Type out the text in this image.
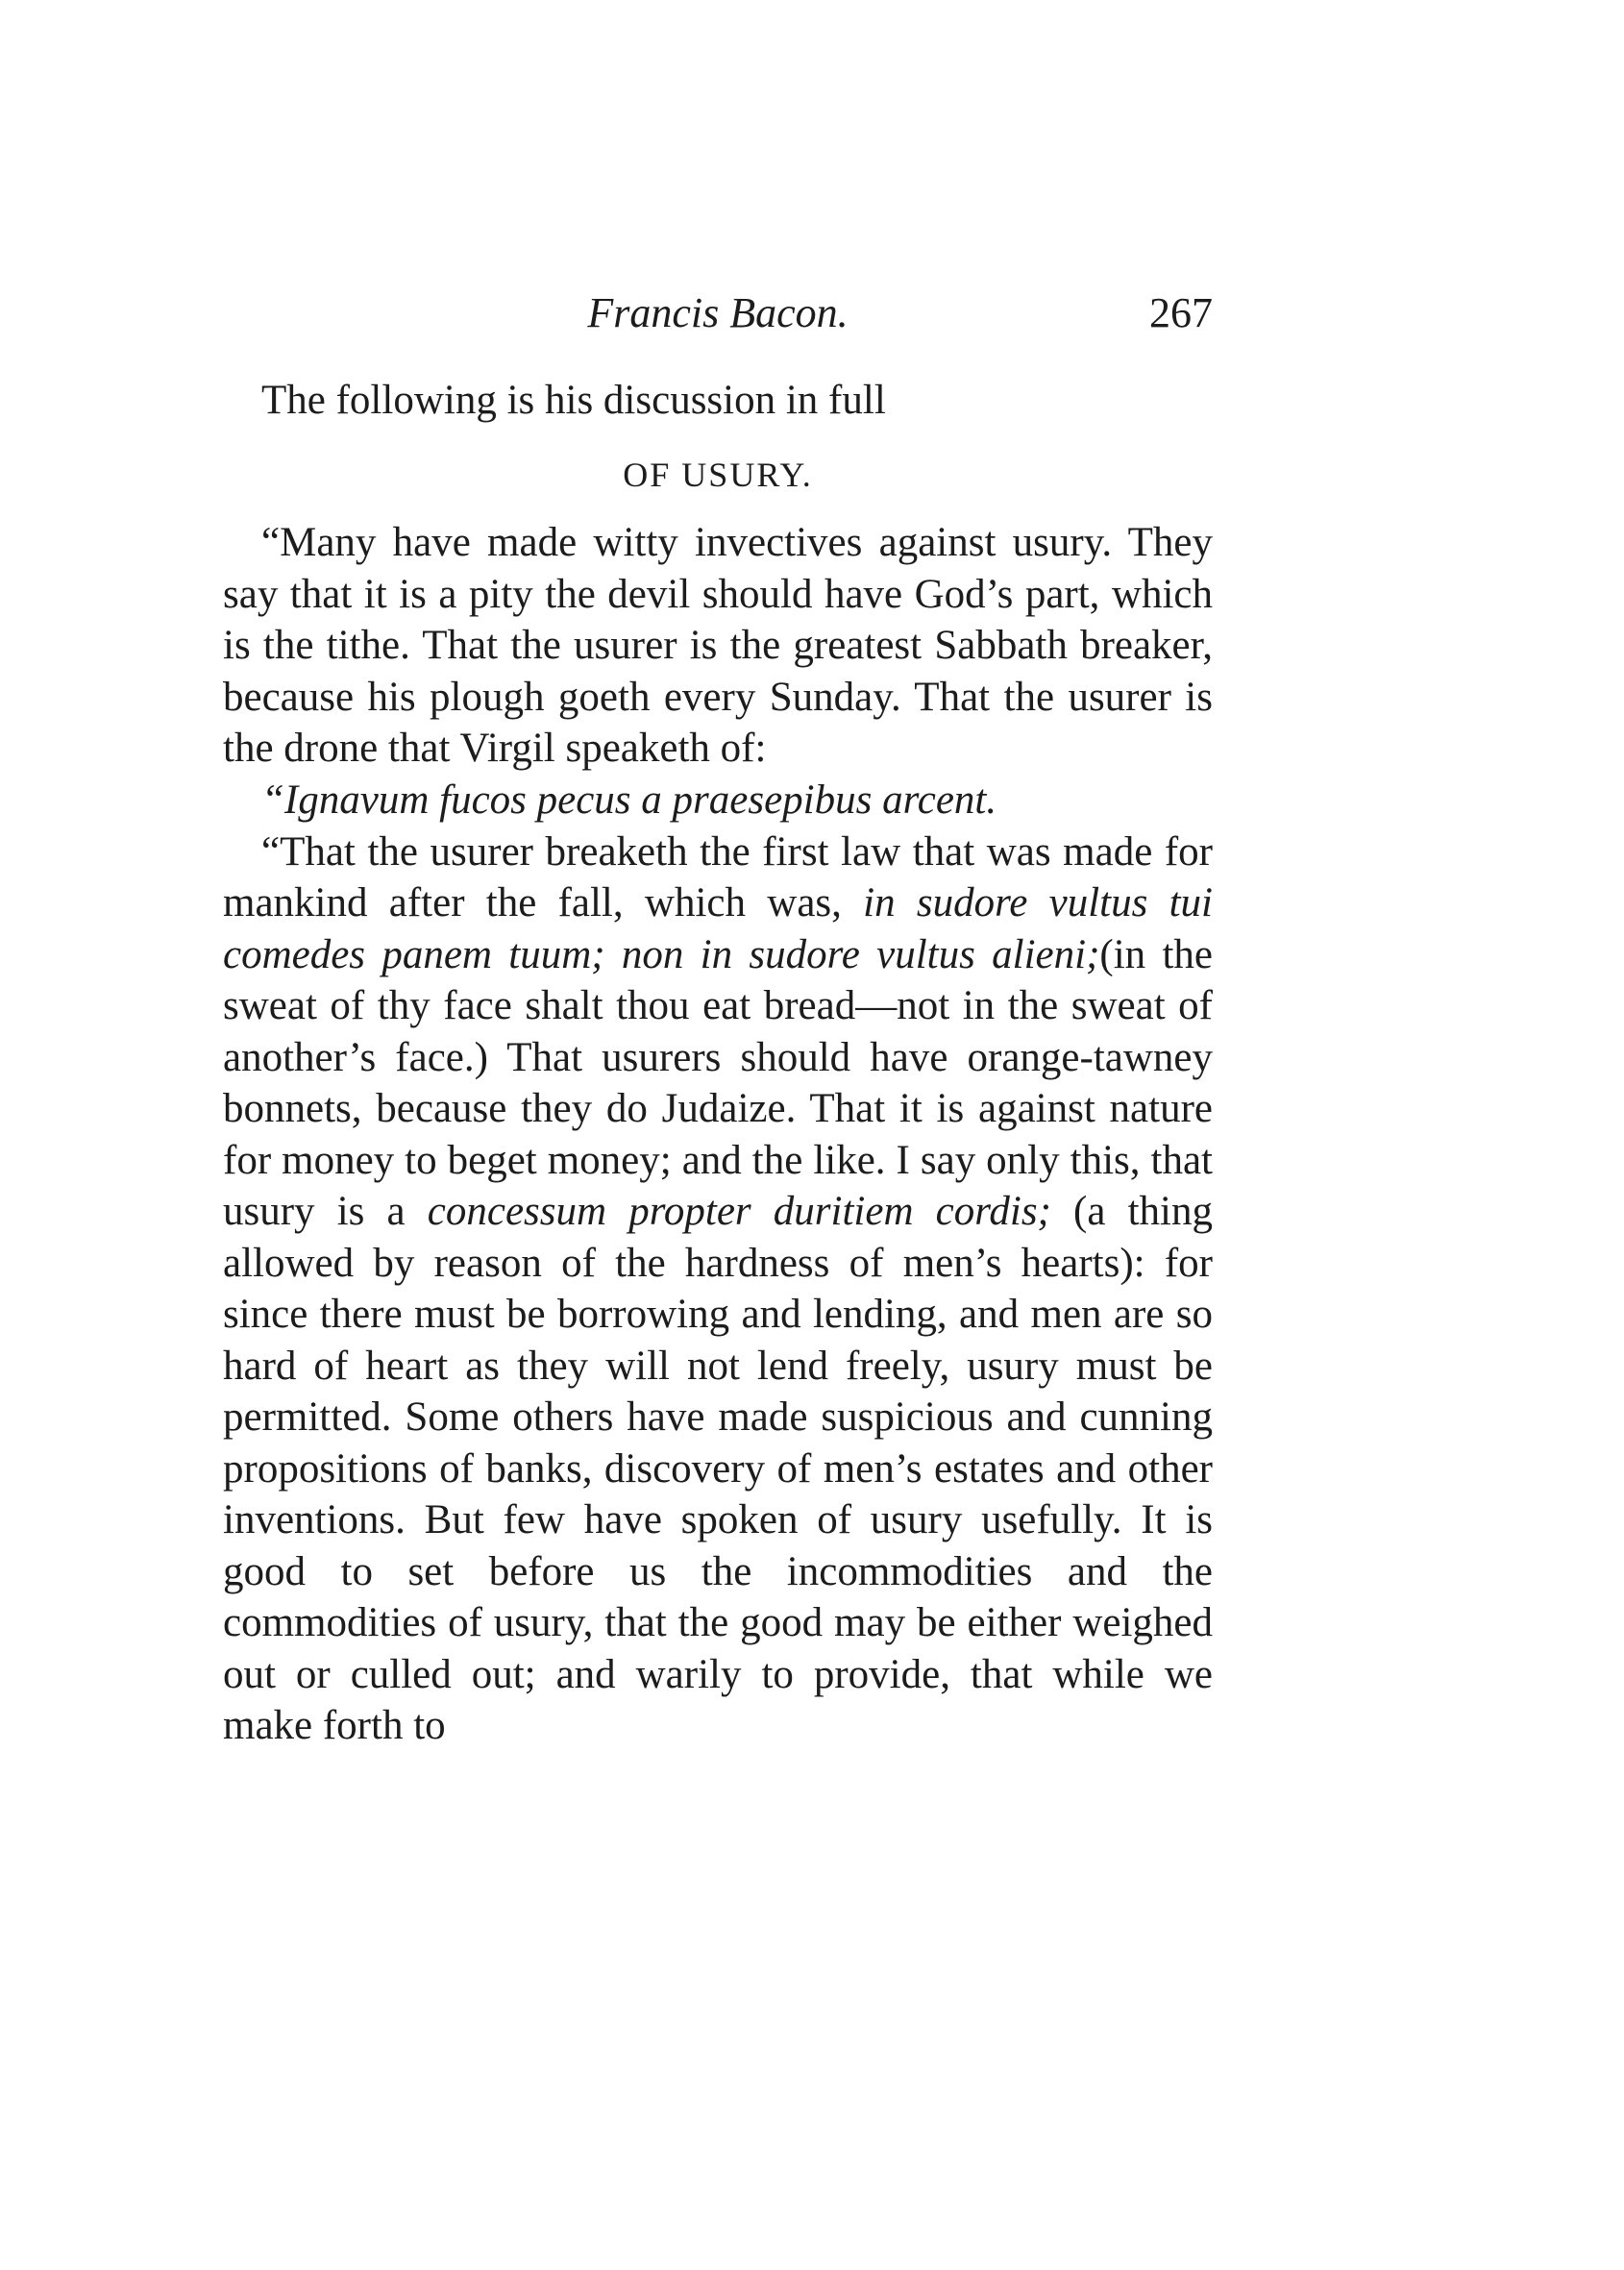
Francis Bacon.	267

The following is his discussion in full

OF USURY.

“Many have made witty invectives against usury. They say that it is a pity the devil should have God’s part, which is the tithe. That the usurer is the greatest Sabbath breaker, because his plough goeth every Sunday. That the usurer is the drone that Virgil speaketh of:

“Ignavum fucos pecus a praesepibus arcent.

“That the usurer breaketh the first law that was made for mankind after the fall, which was, in sudore vultus tui comedes panem tuum; non in sudore vultus alieni;(in the sweat of thy face shalt thou eat bread—not in the sweat of another’s face.) That usurers should have orange-tawney bonnets, because they do Judaize. That it is against nature for money to beget money; and the like. I say only this, that usury is a concessum propter duritiem cordis; (a thing allowed by reason of the hardness of men’s hearts): for since there must be borrowing and lending, and men are so hard of heart as they will not lend freely, usury must be permitted. Some others have made suspicious and cunning propositions of banks, discovery of men’s estates and other inventions. But few have spoken of usury usefully. It is good to set before us the incommodities and the commodities of usury, that the good may be either weighed out or culled out; and warily to provide, that while we make forth to
